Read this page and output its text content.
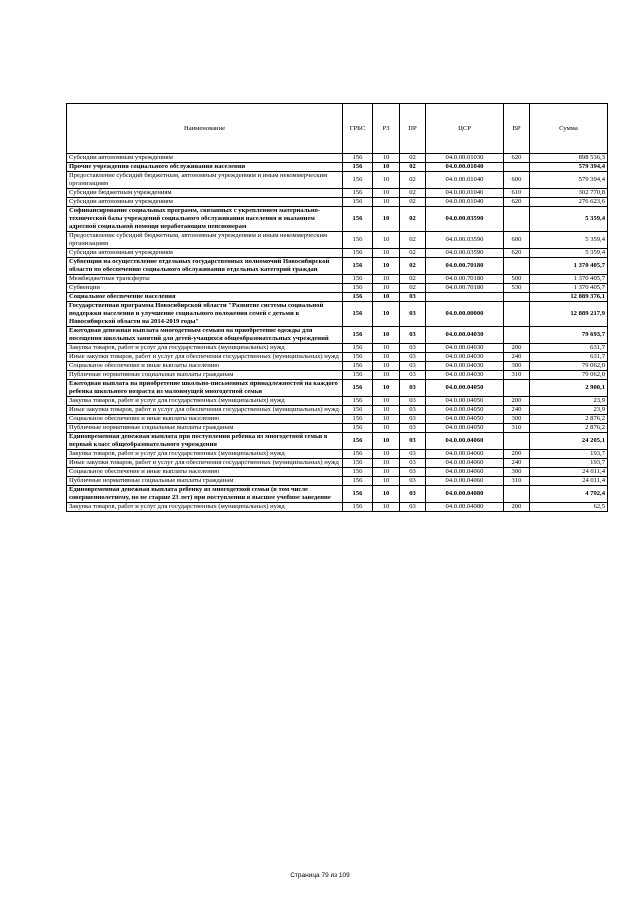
Наименование	ГРБС	РЗ	ПР	ЦСР	ВР	Сумма
Субсидии автономным учреждениям	156	10	02	04.0.00.01030	620	898 536,3
Прочие учреждения социального обслуживания населения	156	10	02	04.0.00.01040		579 394,4
Предоставление субсидий бюджетным, автономным учреждениям и иным некоммерческим организациям	156	10	02	04.0.00.01040	600	579 394,4
Субсидии бюджетным учреждениям	156	10	02	04.0.00.01040	610	302 770,8
Субсидии автономным учреждениям	156	10	02	04.0.00.01040	620	276 623,6
Софинансирование социальных программ, связанных с укреплением материально-технической базы учреждений социального обслуживания населения и оказанием адресной социальной помощи неработающим пенсионерам	156	10	02	04.0.00.03590		5 359,4
Предоставление субсидий бюджетным, автономным учреждениям и иным некоммерческим организациям	156	10	02	04.0.00.03590	600	5 359,4
Субсидии автономным учреждениям	156	10	02	04.0.00.03590	620	5 359,4
Субвенции на осуществление отдельных государственных полномочий Новосибирской области по обеспечению социального обслуживания отдельных категорий граждан	156	10	02	04.0.00.70180		1 370 405,7
Межбюджетные трансферты	156	10	02	04.0.00.70180	500	1 370 405,7
Субвенции	156	10	02	04.0.00.70180	530	1 370 405,7
Социальное обеспечение населения	156	10	03			12 889 376,1
Государственная программа Новосибирской области "Развитие системы социальной поддержки населения и улучшение социального положения семей с детьми в Новосибирской области на 2014-2019 годы"	156	10	03	04.0.00.00000		12 889 217,9
Ежегодная денежная выплата многодетным семьям на приобретение одежды для посещения школьных занятий для детей-учащихся общеобразовательных учреждений	156	10	03	04.0.00.04030		79 693,7
Закупка товаров, работ и услуг для государственных (муниципальных) нужд	156	10	03	04.0.00.04030	200	631,7
Иные закупки товаров, работ и услуг для обеспечения государственных (муниципальных) нужд	156	10	03	04.0.00.04030	240	631,7
Социальное обеспечение и иные выплаты населению	156	10	03	04.0.00.04030	300	79 062,0
Публичные нормативные социальные выплаты гражданам	156	10	03	04.0.00.04030	310	79 062,0
Ежегодная выплата на приобретение школьно-письменных принадлежностей на каждого ребенка школьного возраста из малоимущей многодетной семьи	156	10	03	04.0.00.04050		2 900,1
Закупка товаров, работ и услуг для государственных (муниципальных) нужд	156	10	03	04.0.00.04050	200	23,9
Иные закупки товаров, работ и услуг для обеспечения государственных (муниципальных) нужд	156	10	03	04.0.00.04050	240	23,9
Социальное обеспечение и иные выплаты населению	156	10	03	04.0.00.04050	300	2 876,2
Публичные нормативные социальные выплаты гражданам	156	10	03	04.0.00.04050	310	2 876,2
Единовременная денежная выплата при поступлении ребенка из многодетной семьи в первый класс общеобразовательного учреждения	156	10	03	04.0.00.04060		24 205,1
Закупка товаров, работ и услуг для государственных (муниципальных) нужд	156	10	03	04.0.00.04060	200	193,7
Иные закупки товаров, работ и услуг для обеспечения государственных (муниципальных) нужд	156	10	03	04.0.00.04060	240	193,7
Социальное обеспечение и иные выплаты населению	156	10	03	04.0.00.04060	300	24 011,4
Публичные нормативные социальные выплаты гражданам	156	10	03	04.0.00.04060	310	24 011,4
Единовременная денежная выплата ребенку из многодетной семьи (в том числе совершеннолетнему, но не старше 23 лет) при поступлении в высшее учебное заведение	156	10	03	04.0.00.04080		4 792,4
Закупка товаров, работ и услуг для государственных (муниципальных) нужд	156	10	03	04.0.00.04080	200	62,5
Страница 79 из 109
